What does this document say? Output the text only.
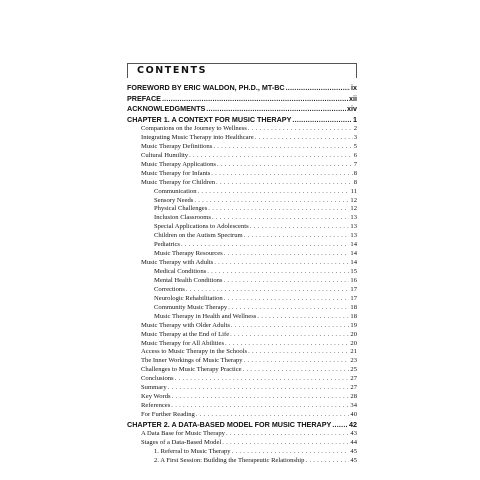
CONTENTS
FOREWORD BY ERIC WALDON, PH.D., MT-BC .....	ix
PREFACE .....	xii
ACKNOWLEDGMENTS .....	xiv
CHAPTER 1. A CONTEXT FOR MUSIC THERAPY .....	1
Companions on the Journey to Wellness . . .	2
Integrating Music Therapy into Healthcare . . .	3
Music Therapy Definitions . . .	5
Cultural Humility . . .	6
Music Therapy Applications . . .	7
Music Therapy for Infants . . .	8
Music Therapy for Children . . .	8
Communication . . .	11
Sensory Needs . . .	12
Physical Challenges . . .	12
Inclusion Classrooms . . .	13
Special Applications to Adolescents . . .	13
Children on the Autism Spectrum . . .	13
Pediatrics . . .	14
Music Therapy Resources . . .	14
Music Therapy with Adults . . .	14
Medical Conditions . . .	15
Mental Health Conditions . . .	16
Corrections . . .	17
Neurologic Rehabilitation . . .	17
Community Music Therapy . . .	18
Music Therapy in Health and Wellness . . .	18
Music Therapy with Older Adults . . .	19
Music Therapy at the End of Life . . .	20
Music Therapy for All Abilities . . .	20
Access to Music Therapy in the Schools . . .	21
The Inner Workings of Music Therapy . . .	23
Challenges to Music Therapy Practice . . .	25
Conclusions . . .	27
Summary . . .	27
Key Words . . .	28
References . . .	34
For Further Reading . . .	40
CHAPTER 2. A DATA-BASED MODEL FOR MUSIC THERAPY ..... 42
A Data Base for Music Therapy . . .	43
Stages of a Data-Based Model . . .	44
1. Referral to Music Therapy . . .	45
2. A First Session: Building the Therapeutic Relationship . . .	45
